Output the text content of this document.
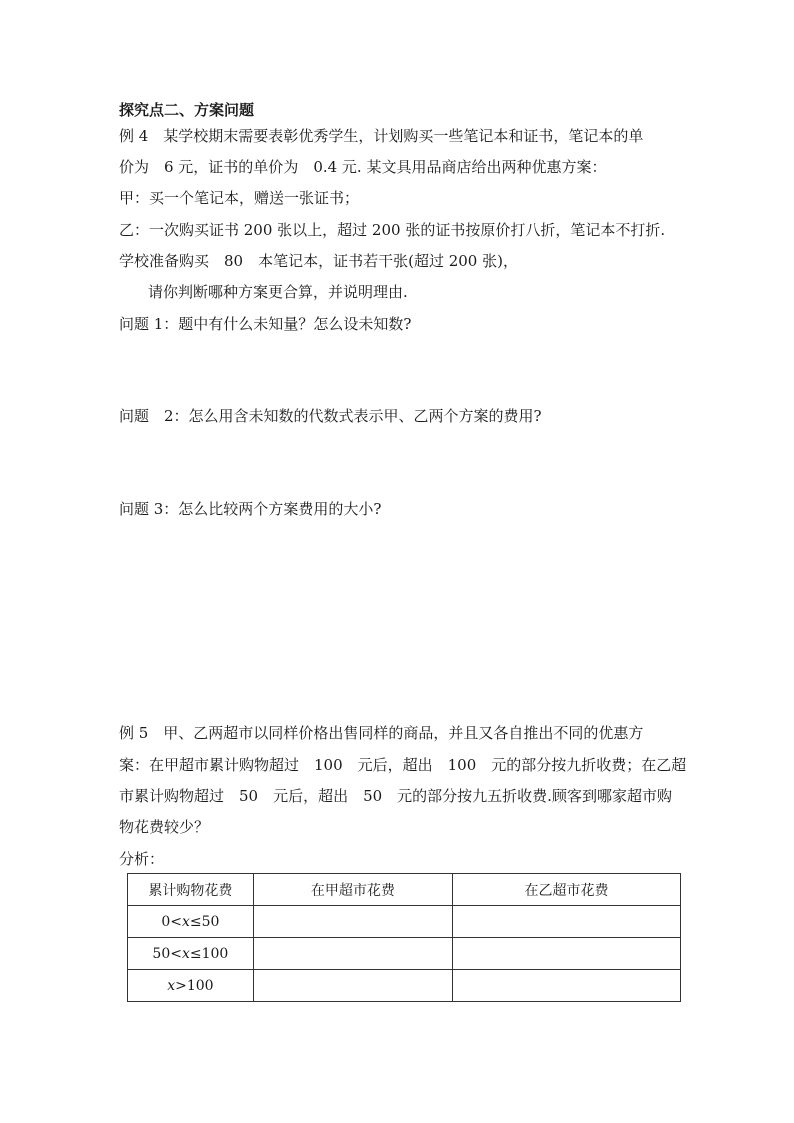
探究点二、方案问题
例 4　某学校期末需要表彰优秀学生，计划购买一些笔记本和证书，笔记本的单
价为　6 元，证书的单价为　0.4 元. 某文具用品商店给出两种优惠方案：
甲：买一个笔记本，赠送一张证书；
乙：一次购买证书 200 张以上，超过 200 张的证书按原价打八折，笔记本不打折.
学校准备购买　80　本笔记本，证书若干张(超过 200 张)，
请你判断哪种方案更合算，并说明理由.
问题 1：题中有什么未知量？怎么设未知数?
问题　2：怎么用含未知数的代数式表示甲、乙两个方案的费用?
问题 3：怎么比较两个方案费用的大小?
例 5　甲、乙两超市以同样价格出售同样的商品，并且又各自推出不同的优惠方
案：在甲超市累计购物超过　100　元后，超出　100　元的部分按九折收费；在乙超
市累计购物超过　50　元后，超出　50　元的部分按九五折收费.顾客到哪家超市购
物花费较少？
分析：
累计购物花费	在甲超市花费	在乙超市花费
0<x≤50		
50<x≤100		
x>100		
